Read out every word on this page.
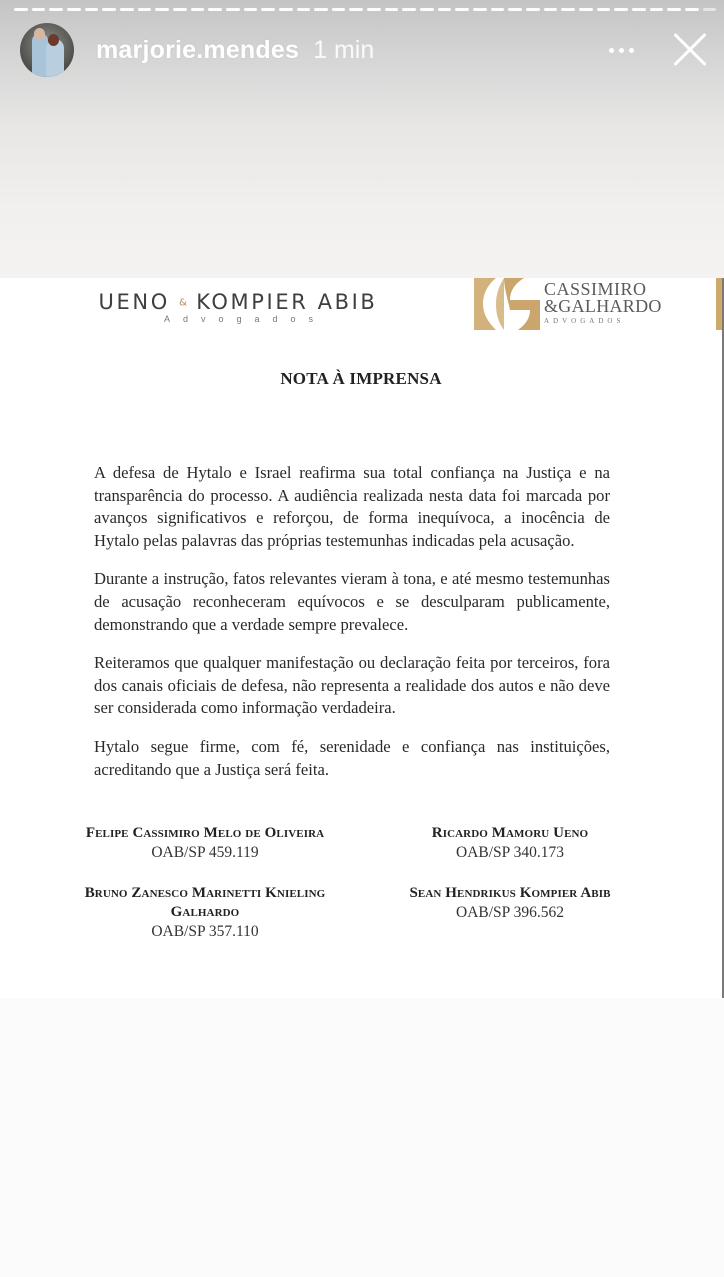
marjorie.mendes 1 min
UENO & KOMPIER ABIB
Advogados
CASSIMIRO
&GALHARDO
ADVOGADOS
NOTA À IMPRENSA

A defesa de Hytalo e Israel reafirma sua total confiança na Justiça e na transparência do processo. A audiência realizada nesta data foi marcada por avanços significativos e reforçou, de forma inequívoca, a inocência de Hytalo pelas palavras das próprias testemunhas indicadas pela acusação.

Durante a instrução, fatos relevantes vieram à tona, e até mesmo testemunhas de acusação reconheceram equívocos e se desculparam publicamente, demonstrando que a verdade sempre prevalece.

Reiteramos que qualquer manifestação ou declaração feita por terceiros, fora dos canais oficiais de defesa, não representa a realidade dos autos e não deve ser considerada como informação verdadeira.

Hytalo segue firme, com fé, serenidade e confiança nas instituições, acreditando que a Justiça será feita.

Felipe Cassimiro Melo de Oliveira
OAB/SP 459.119
Ricardo Mamoru Ueno
OAB/SP 340.173
Bruno Zanesco Marinetti Knieling Galhardo
OAB/SP 357.110
Sean Hendrikus Kompier Abib
OAB/SP 396.562
